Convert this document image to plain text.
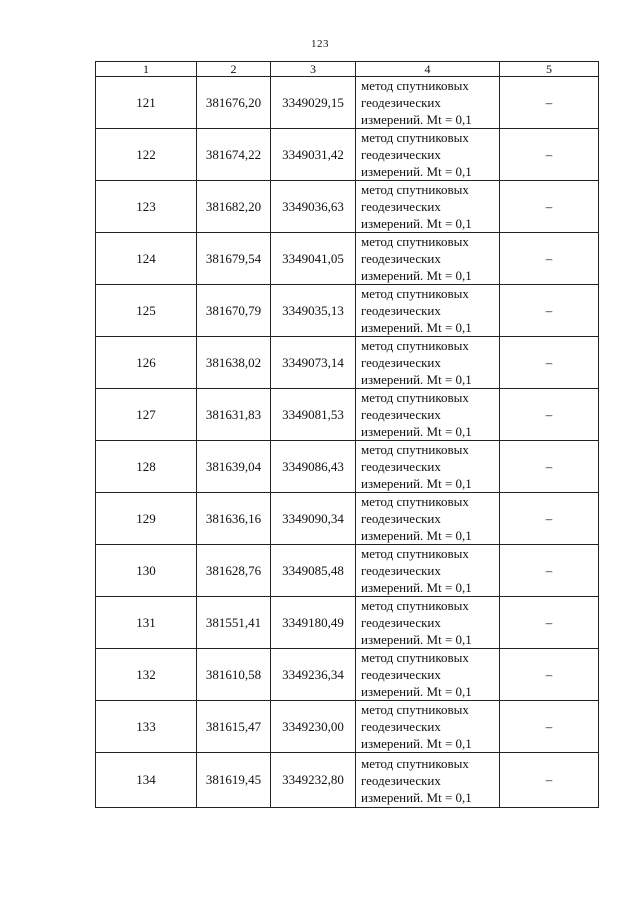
123
1	2	3	4	5
121	381676,20	3349029,15	метод спутниковых
геодезических
измерений. Mt = 0,1	–
122	381674,22	3349031,42	метод спутниковых
геодезических
измерений. Mt = 0,1	–
123	381682,20	3349036,63	метод спутниковых
геодезических
измерений. Mt = 0,1	–
124	381679,54	3349041,05	метод спутниковых
геодезических
измерений. Mt = 0,1	–
125	381670,79	3349035,13	метод спутниковых
геодезических
измерений. Mt = 0,1	–
126	381638,02	3349073,14	метод спутниковых
геодезических
измерений. Mt = 0,1	–
127	381631,83	3349081,53	метод спутниковых
геодезических
измерений. Mt = 0,1	–
128	381639,04	3349086,43	метод спутниковых
геодезических
измерений. Mt = 0,1	–
129	381636,16	3349090,34	метод спутниковых
геодезических
измерений. Mt = 0,1	–
130	381628,76	3349085,48	метод спутниковых
геодезических
измерений. Mt = 0,1	–
131	381551,41	3349180,49	метод спутниковых
геодезических
измерений. Mt = 0,1	–
132	381610,58	3349236,34	метод спутниковых
геодезических
измерений. Mt = 0,1	–
133	381615,47	3349230,00	метод спутниковых
геодезических
измерений. Mt = 0,1	–
134	381619,45	3349232,80	метод спутниковых
геодезических
измерений. Mt = 0,1	–
